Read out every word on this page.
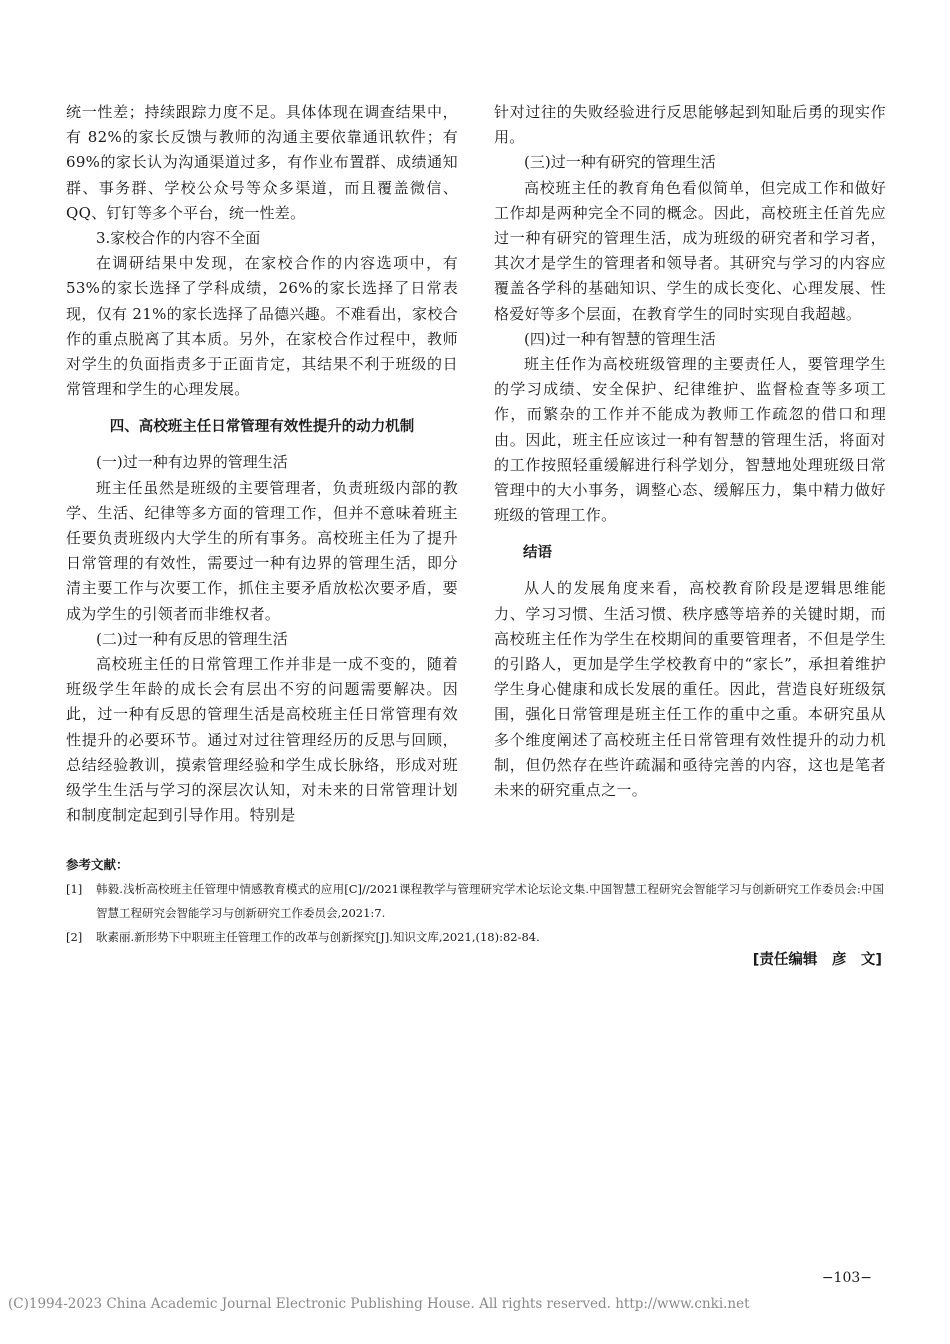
统一性差；持续跟踪力度不足。具体体现在调查结果中，有 82%的家长反馈与教师的沟通主要依靠通讯软件；有 69%的家长认为沟通渠道过多，有作业布置群、成绩通知群、事务群、学校公众号等众多渠道，而且覆盖微信、QQ、钉钉等多个平台，统一性差。

3.家校合作的内容不全面

在调研结果中发现，在家校合作的内容选项中，有 53%的家长选择了学科成绩，26%的家长选择了日常表现，仅有 21%的家长选择了品德兴趣。不难看出，家校合作的重点脱离了其本质。另外，在家校合作过程中，教师对学生的负面指责多于正面肯定，其结果不利于班级的日常管理和学生的心理发展。

四、高校班主任日常管理有效性提升的动力机制

(一)过一种有边界的管理生活

班主任虽然是班级的主要管理者，负责班级内部的教学、生活、纪律等多方面的管理工作，但并不意味着班主任要负责班级内大学生的所有事务。高校班主任为了提升日常管理的有效性，需要过一种有边界的管理生活，即分清主要工作与次要工作，抓住主要矛盾放松次要矛盾，要成为学生的引领者而非维权者。

(二)过一种有反思的管理生活

高校班主任的日常管理工作并非是一成不变的，随着班级学生年龄的成长会有层出不穷的问题需要解决。因此，过一种有反思的管理生活是高校班主任日常管理有效性提升的必要环节。通过对过往管理经历的反思与回顾，总结经验教训，摸索管理经验和学生成长脉络，形成对班级学生生活与学习的深层次认知，对未来的日常管理计划和制度制定起到引导作用。特别是

针对过往的失败经验进行反思能够起到知耻后勇的现实作用。

(三)过一种有研究的管理生活

高校班主任的教育角色看似简单，但完成工作和做好工作却是两种完全不同的概念。因此，高校班主任首先应过一种有研究的管理生活，成为班级的研究者和学习者，其次才是学生的管理者和领导者。其研究与学习的内容应覆盖各学科的基础知识、学生的成长变化、心理发展、性格爱好等多个层面，在教育学生的同时实现自我超越。

(四)过一种有智慧的管理生活

班主任作为高校班级管理的主要责任人，要管理学生的学习成绩、安全保护、纪律维护、监督检查等多项工作，而繁杂的工作并不能成为教师工作疏忽的借口和理由。因此，班主任应该过一种有智慧的管理生活，将面对的工作按照轻重缓解进行科学划分，智慧地处理班级日常管理中的大小事务，调整心态、缓解压力，集中精力做好班级的管理工作。

结语

从人的发展角度来看，高校教育阶段是逻辑思维能力、学习习惯、生活习惯、秩序感等培养的关键时期，而高校班主任作为学生在校期间的重要管理者，不但是学生的引路人，更加是学生学校教育中的“家长”，承担着维护学生身心健康和成长发展的重任。因此，营造良好班级氛围，强化日常管理是班主任工作的重中之重。本研究虽从多个维度阐述了高校班主任日常管理有效性提升的动力机制，但仍然存在些许疏漏和亟待完善的内容，这也是笔者未来的研究重点之一。

参考文献：
[1] 韩毅.浅析高校班主任管理中情感教育模式的应用[C]//2021课程教学与管理研究学术论坛论文集.中国智慧工程研究会智能学习与创新研究工作委员会:中国智慧工程研究会智能学习与创新研究工作委员会,2021:7.
[2] 耿素丽.新形势下中职班主任管理工作的改革与创新探究[J].知识文库,2021,(18):82-84.
[责任编辑　彦　文]
−103−
(C)1994-2023 China Academic Journal Electronic Publishing House. All rights reserved. http://www.cnki.net
